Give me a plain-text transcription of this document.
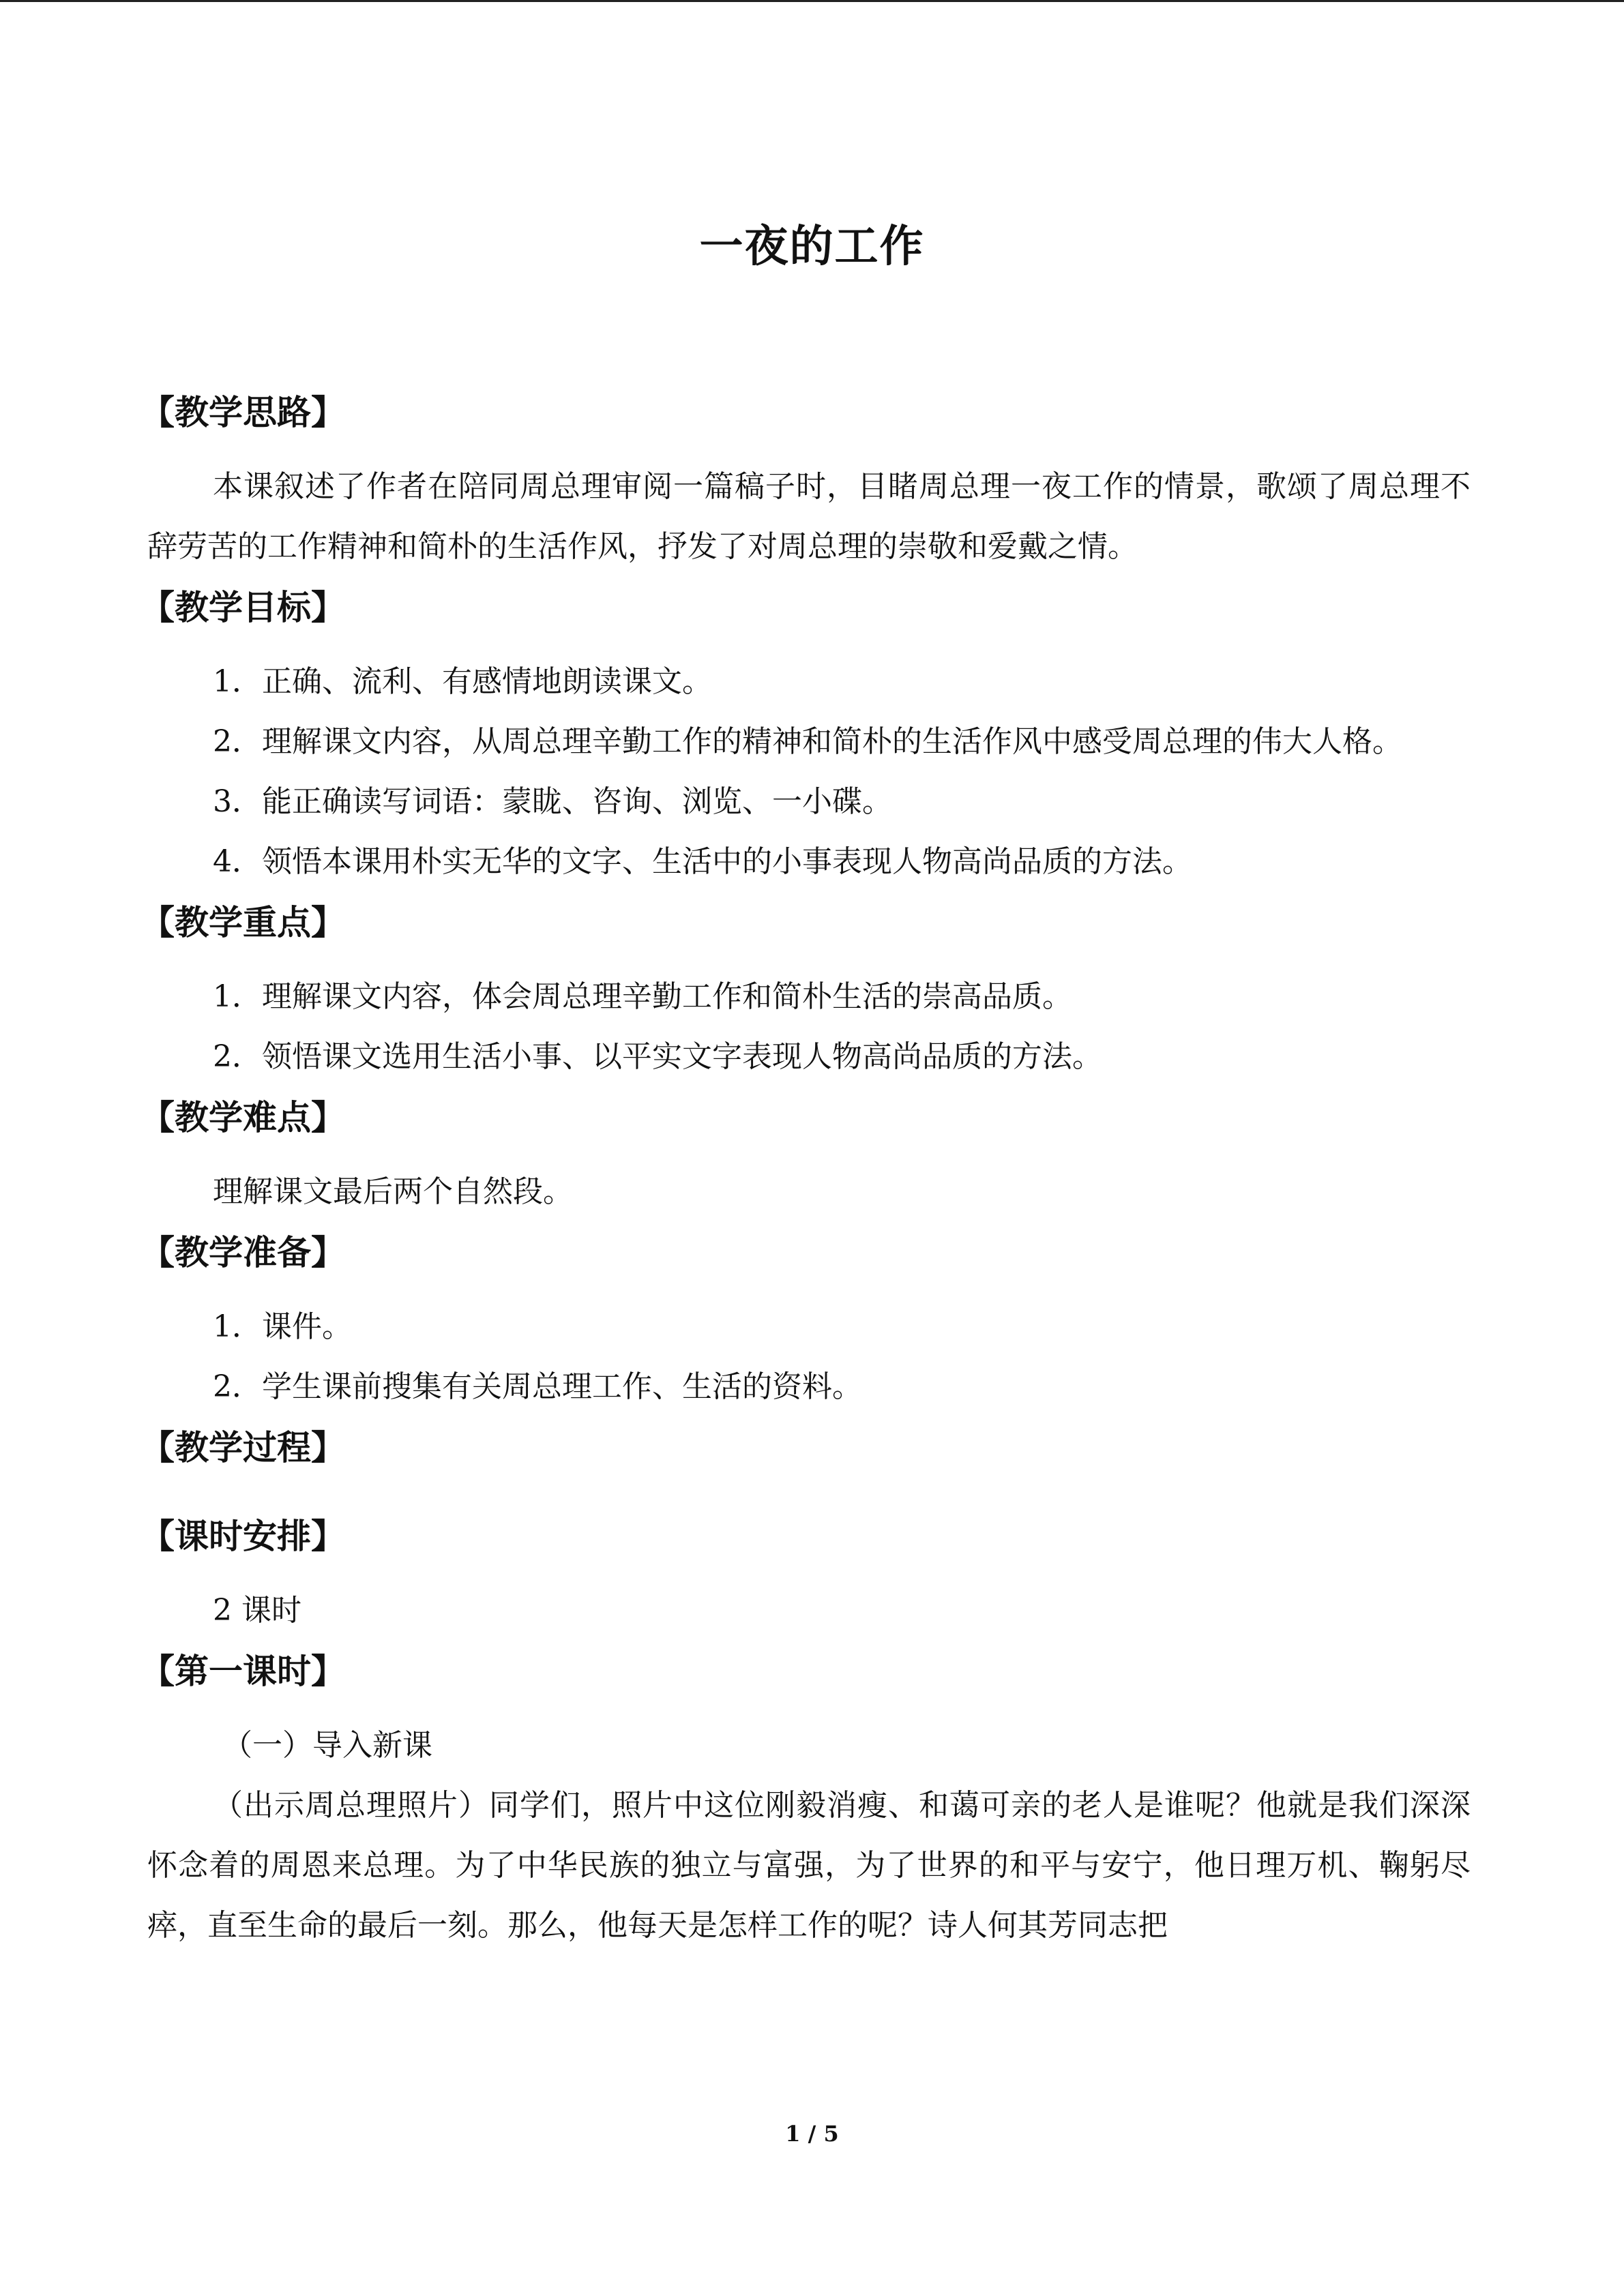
一夜的工作
【教学思路】

本课叙述了作者在陪同周总理审阅一篇稿子时，目睹周总理一夜工作的情景，歌颂了周总理不辞劳苦的工作精神和简朴的生活作风，抒发了对周总理的崇敬和爱戴之情。

【教学目标】

1．正确、流利、有感情地朗读课文。

2．理解课文内容，从周总理辛勤工作的精神和简朴的生活作风中感受周总理的伟大人格。

3．能正确读写词语：蒙眬、咨询、浏览、一小碟。

4．领悟本课用朴实无华的文字、生活中的小事表现人物高尚品质的方法。

【教学重点】

1．理解课文内容，体会周总理辛勤工作和简朴生活的崇高品质。

2．领悟课文选用生活小事、以平实文字表现人物高尚品质的方法。

【教学难点】

理解课文最后两个自然段。

【教学准备】

1．课件。

2．学生课前搜集有关周总理工作、生活的资料。

【教学过程】
【课时安排】

2 课时

【第一课时】

（一）导入新课

（出示周总理照片）同学们，照片中这位刚毅消瘦、和蔼可亲的老人是谁呢？他就是我们深深怀念着的周恩来总理。为了中华民族的独立与富强，为了世界的和平与安宁，他日理万机、鞠躬尽瘁，直至生命的最后一刻。那么，他每天是怎样工作的呢？诗人何其芳同志把

1 / 5
